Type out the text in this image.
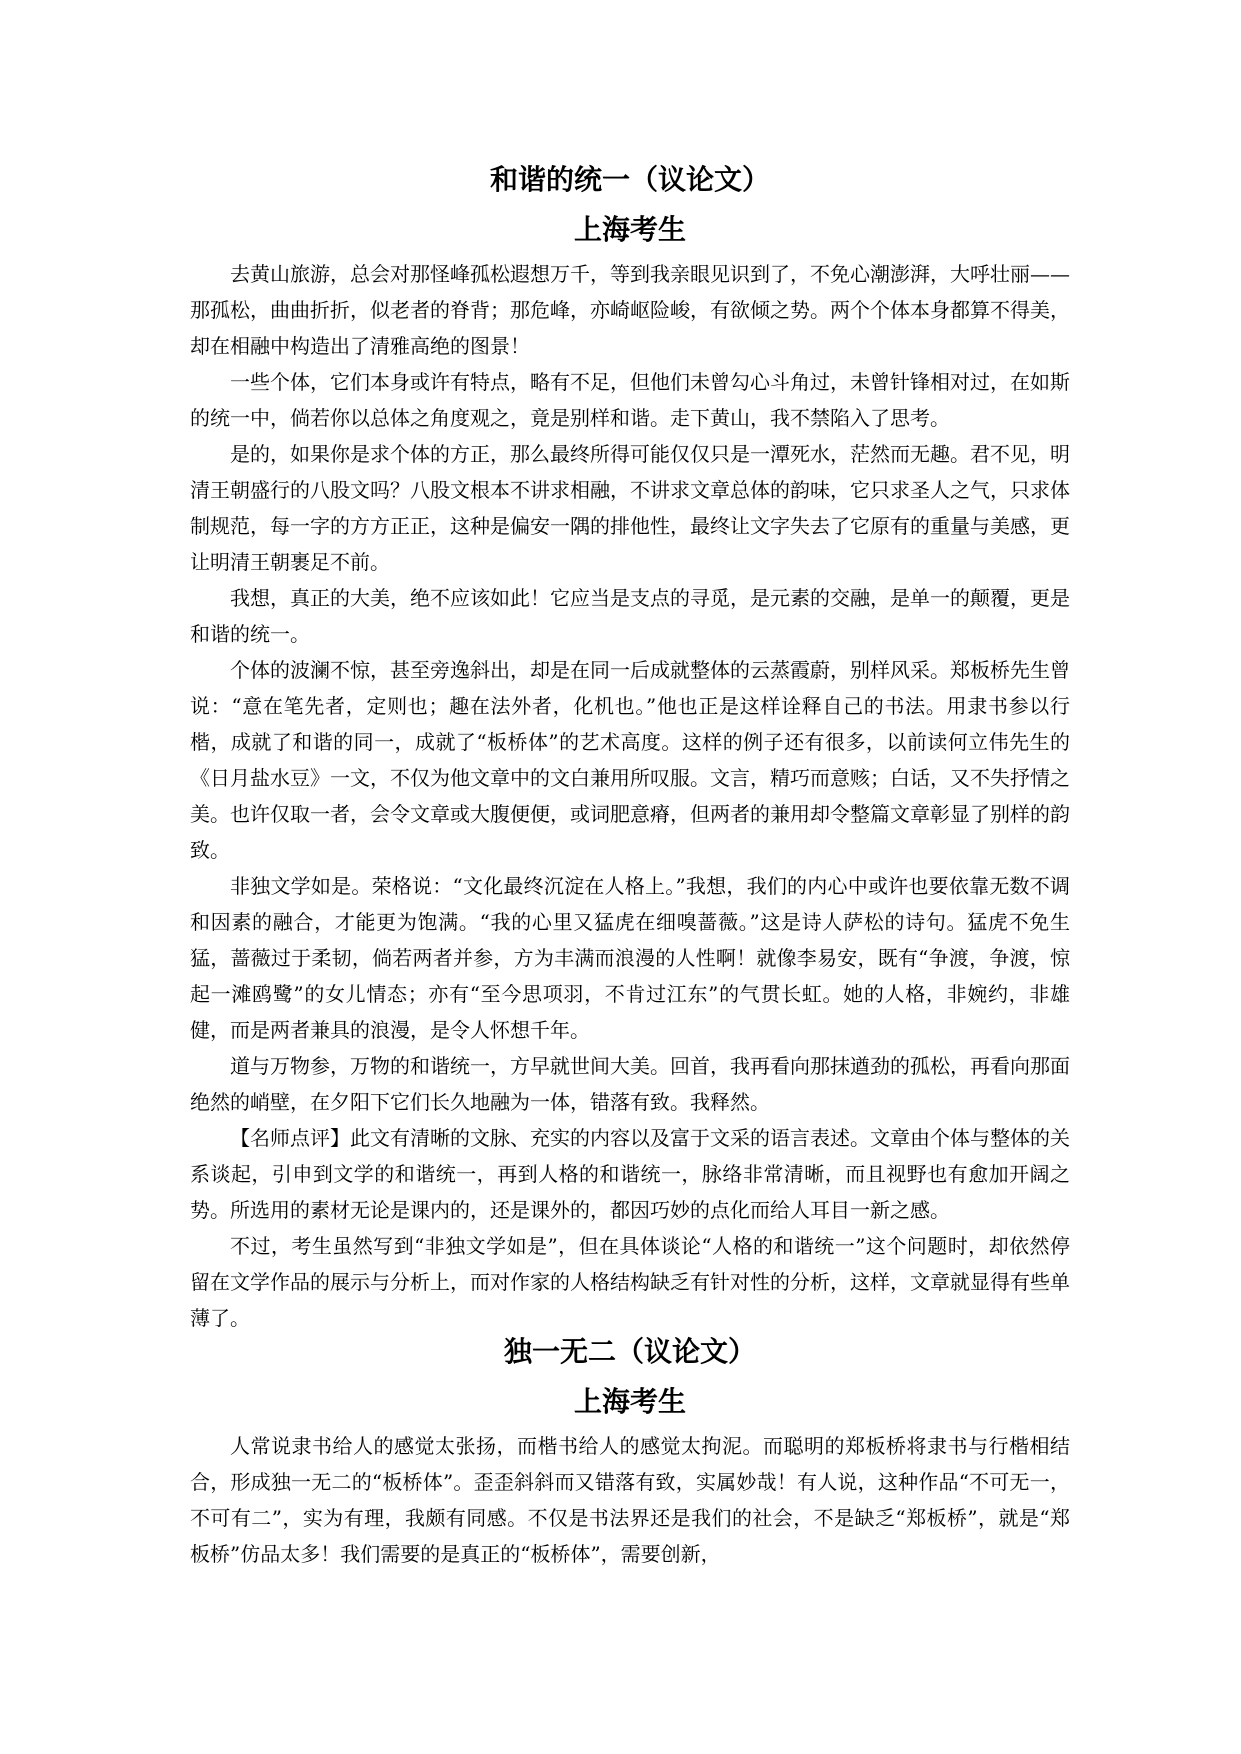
和谐的统一（议论文）
上海考生

去黄山旅游，总会对那怪峰孤松遐想万千，等到我亲眼见识到了，不免心潮澎湃，大呼壮丽——那孤松，曲曲折折，似老者的脊背；那危峰，亦崎岖险峻，有欲倾之势。两个个体本身都算不得美，却在相融中构造出了清雅高绝的图景！

一些个体，它们本身或许有特点，略有不足，但他们未曾勾心斗角过，未曾针锋相对过，在如斯的统一中，倘若你以总体之角度观之，竟是别样和谐。走下黄山，我不禁陷入了思考。

是的，如果你是求个体的方正，那么最终所得可能仅仅只是一潭死水，茫然而无趣。君不见，明清王朝盛行的八股文吗？八股文根本不讲求相融，不讲求文章总体的韵味，它只求圣人之气，只求体制规范，每一字的方方正正，这种是偏安一隅的排他性，最终让文字失去了它原有的重量与美感，更让明清王朝裹足不前。

我想，真正的大美，绝不应该如此！它应当是支点的寻觅，是元素的交融，是单一的颠覆，更是和谐的统一。

个体的波澜不惊，甚至旁逸斜出，却是在同一后成就整体的云蒸霞蔚，别样风采。郑板桥先生曾说：“意在笔先者，定则也；趣在法外者，化机也。”他也正是这样诠释自己的书法。用隶书参以行楷，成就了和谐的同一，成就了“板桥体”的艺术高度。这样的例子还有很多，以前读何立伟先生的《日月盐水豆》一文，不仅为他文章中的文白兼用所叹服。文言，精巧而意赅；白话，又不失抒情之美。也许仅取一者，会令文章或大腹便便，或词肥意瘠，但两者的兼用却令整篇文章彰显了别样的韵致。

非独文学如是。荣格说：“文化最终沉淀在人格上。”我想，我们的内心中或许也要依靠无数不调和因素的融合，才能更为饱满。“我的心里又猛虎在细嗅蔷薇。”这是诗人萨松的诗句。猛虎不免生猛，蔷薇过于柔韧，倘若两者并参，方为丰满而浪漫的人性啊！就像李易安，既有“争渡，争渡，惊起一滩鸥鹭”的女儿情态；亦有“至今思项羽，不肯过江东”的气贯长虹。她的人格，非婉约，非雄健，而是两者兼具的浪漫，是令人怀想千年。

道与万物参，万物的和谐统一，方早就世间大美。回首，我再看向那抹遒劲的孤松，再看向那面绝然的峭壁，在夕阳下它们长久地融为一体，错落有致。我释然。

【名师点评】此文有清晰的文脉、充实的内容以及富于文采的语言表述。文章由个体与整体的关系谈起，引申到文学的和谐统一，再到人格的和谐统一，脉络非常清晰，而且视野也有愈加开阔之势。所选用的素材无论是课内的，还是课外的，都因巧妙的点化而给人耳目一新之感。

不过，考生虽然写到“非独文学如是”，但在具体谈论“人格的和谐统一”这个问题时，却依然停留在文学作品的展示与分析上，而对作家的人格结构缺乏有针对性的分析，这样，文章就显得有些单薄了。

独一无二（议论文）
上海考生

人常说隶书给人的感觉太张扬，而楷书给人的感觉太拘泥。而聪明的郑板桥将隶书与行楷相结合，形成独一无二的“板桥体”。歪歪斜斜而又错落有致，实属妙哉！有人说，这种作品“不可无一，不可有二”，实为有理，我颇有同感。不仅是书法界还是我们的社会，不是缺乏“郑板桥”，就是“郑板桥”仿品太多！我们需要的是真正的“板桥体”，需要创新，
